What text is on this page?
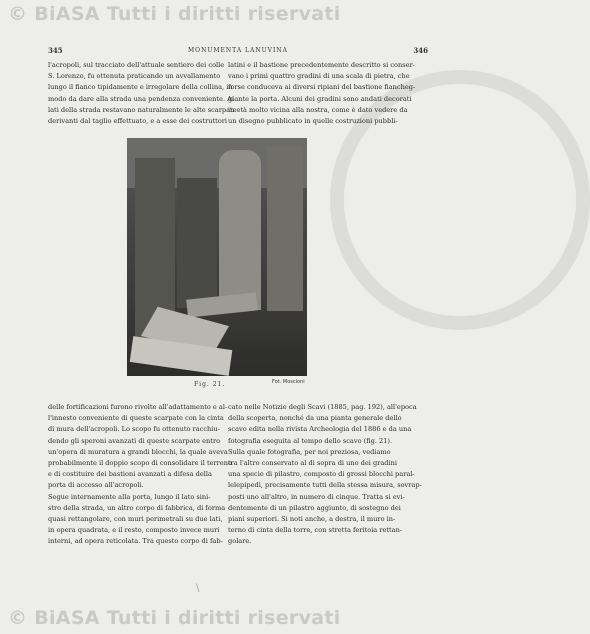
© BiASA Tutti i diritti riservati
345	MONUMENTA LANUVINA	346
l'acropoli, sul tracciato dell'attuale sentiero dei colle
S. Lorenzo, fu ottenuta praticando un avvallamento
lungo il fianco tipidamente e irregolare della collina, in
modo da dare alla strada una pendenza conveniente. Ai
lati della strada restavano naturalmente le alte scarpate
derivanti dal taglio effettuato, e a esse dei costruttori
latini e il bastione precedentemente descritto si conser-
vano i primi quattro gradini di una scala di pietra, che
forse conduceva ai diversi ripiani del bastione fiancheg-
giante la porta. Alcuni dei gradini sono andati decorati
in età molto vicina alla nostra, come è dato vedere da
un disegno pubblicato in quelle costruzioni pubbli-
Fig. 21.	Fot. Moscioni
delle fortificazioni furono rivolte all'adattamento e al-
l'innesto conveniente di queste scarpate con la cinta
di mura dell'acropoli. Lo scopo fu ottenuto racchiu-
dendo gli speroni avanzati di queste scarpate entro
un'opera di muratura a grandi blocchi, la quale aveva
probabilmente il doppio scopo di consolidare il terreno
e di costituire dei bastioni avanzati a difesa della
porta di accesso all'acropoli.
Segue internamente alla porta, lungo il lato sini-
stro della strada, un altro corpo di fabbrica, di forma
quasi rettangolare, con muri perimetrali su due lati,
in opera quadrata, e il resto, composto invece muri
interni, ad opera reticolata. Tra questo corpo di fab-
cato nelle Notizie degli Scavi (1885, pag. 192), all'epoca
della scoperta, nonché da una pianta generale dello
scavo edita nella rivista Archeologia del 1886 e da una
fotografia eseguita al tempo dello scavo (fig. 21).
Sulla quale fotografia, per noi preziosa, vediamo
tra l'altro conservato al di sopra di uno dei gradini
una specie di pilastro, composto di grossi blocchi paral-
lelepipedi, precisamente tutti della stessa misura, sovrap-
posti uno all'altro, in numero di cinque. Tratta si evi-
dentemente di un pilastro aggiunto, di sostegno dei
piani superiori. Si noti anche, a destra, il muro in-
terno di cinta della torre, con stretta feritoia rettan-
golare.
\
© BiASA Tutti i diritti riservati
